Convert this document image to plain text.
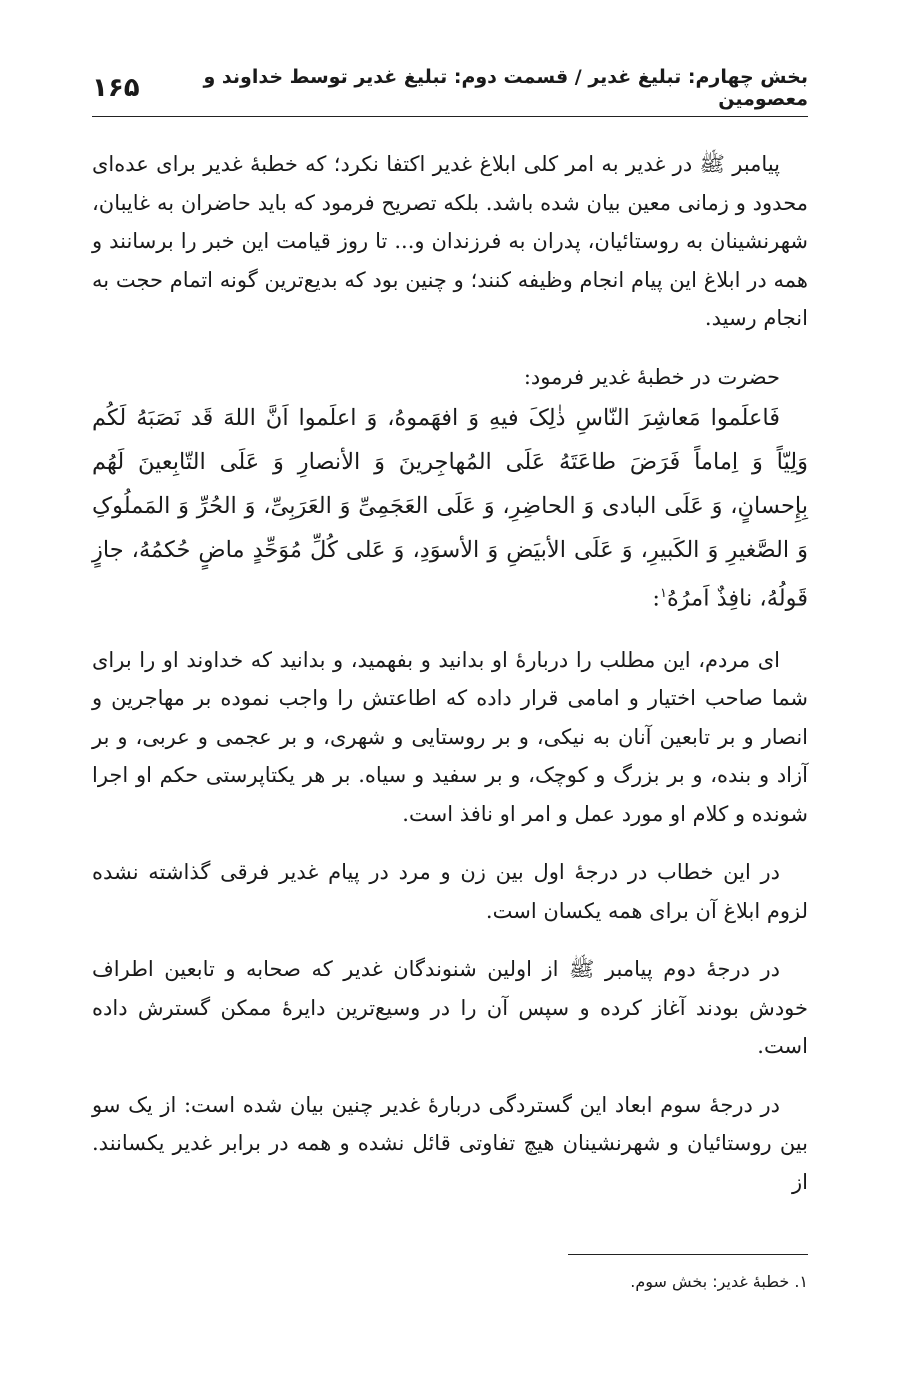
بخش چهارم: تبلیغ غدیر / قسمت دوم: تبلیغ غدیر توسط خداوند و معصومین
۱۶۵

پیامبر ﷺ در غدیر به امر کلی ابلاغ غدیر اکتفا نکرد؛ که خطبهٔ غدیر برای عده‌ای محدود و زمانی معین بیان شده باشد. بلکه تصریح فرمود که باید حاضران به غایبان، شهرنشینان به روستائیان، پدران به فرزندان و... تا روز قیامت این خبر را برسانند و همه در ابلاغ این پیام انجام وظیفه کنند؛ و چنین بود که بدیع‌ترین گونه اتمام حجت به انجام رسید.

حضرت در خطبهٔ غدیر فرمود:

فَاعلَموا مَعاشِرَ النّاسِ ذٰلِکَ فیهِ وَ افهَموهُ، وَ اعلَموا اَنَّ اللهَ قَد نَصَبَهُ لَکُم وَلِیّاً وَ اِماماً فَرَضَ طاعَتَهُ عَلَی المُهاجِرینَ وَ الأنصارِ وَ عَلَی التّابِعینَ لَهُم بِإِحسانٍ، وَ عَلَی البادی وَ الحاضِرِ، وَ عَلَی العَجَمِیِّ وَ العَرَبِیِّ، وَ الحُرِّ وَ المَملُوکِ وَ الصَّغیرِ وَ الکَبیرِ، وَ عَلَی الأبیَضِ وَ الأسوَدِ، وَ عَلی کُلِّ مُوَحِّدٍ ماضٍ حُکمُهُ، جازٍ قَولُهُ، نافِذٌ اَمرُهُ$^۱$:

ای مردم، این مطلب را دربارهٔ او بدانید و بفهمید، و بدانید که خداوند او را برای شما صاحب اختیار و امامی قرار داده که اطاعتش را واجب نموده بر مهاجرین و انصار و بر تابعین آنان به نیکی، و بر روستایی و شهری، و بر عجمی و عربی، و بر آزاد و بنده، و بر بزرگ و کوچک، و بر سفید و سیاه. بر هر یکتاپرستی حکم او اجرا شونده و کلام او مورد عمل و امر او نافذ است.

در این خطاب در درجهٔ اول بین زن و مرد در پیام غدیر فرقی گذاشته نشده لزوم ابلاغ آن برای همه یکسان است.

در درجهٔ دوم پیامبر ﷺ از اولین شنوندگان غدیر که صحابه و تابعین اطراف خودش بودند آغاز کرده و سپس آن را در وسیع‌ترین دایرهٔ ممکن گسترش داده است.

در درجهٔ سوم ابعاد این گستردگی دربارهٔ غدیر چنین بیان شده است: از یک سو بین روستائیان و شهرنشینان هیچ تفاوتی قائل نشده و همه در برابر غدیر یکسانند. از

۱. خطبهٔ غدیر: بخش سوم.
